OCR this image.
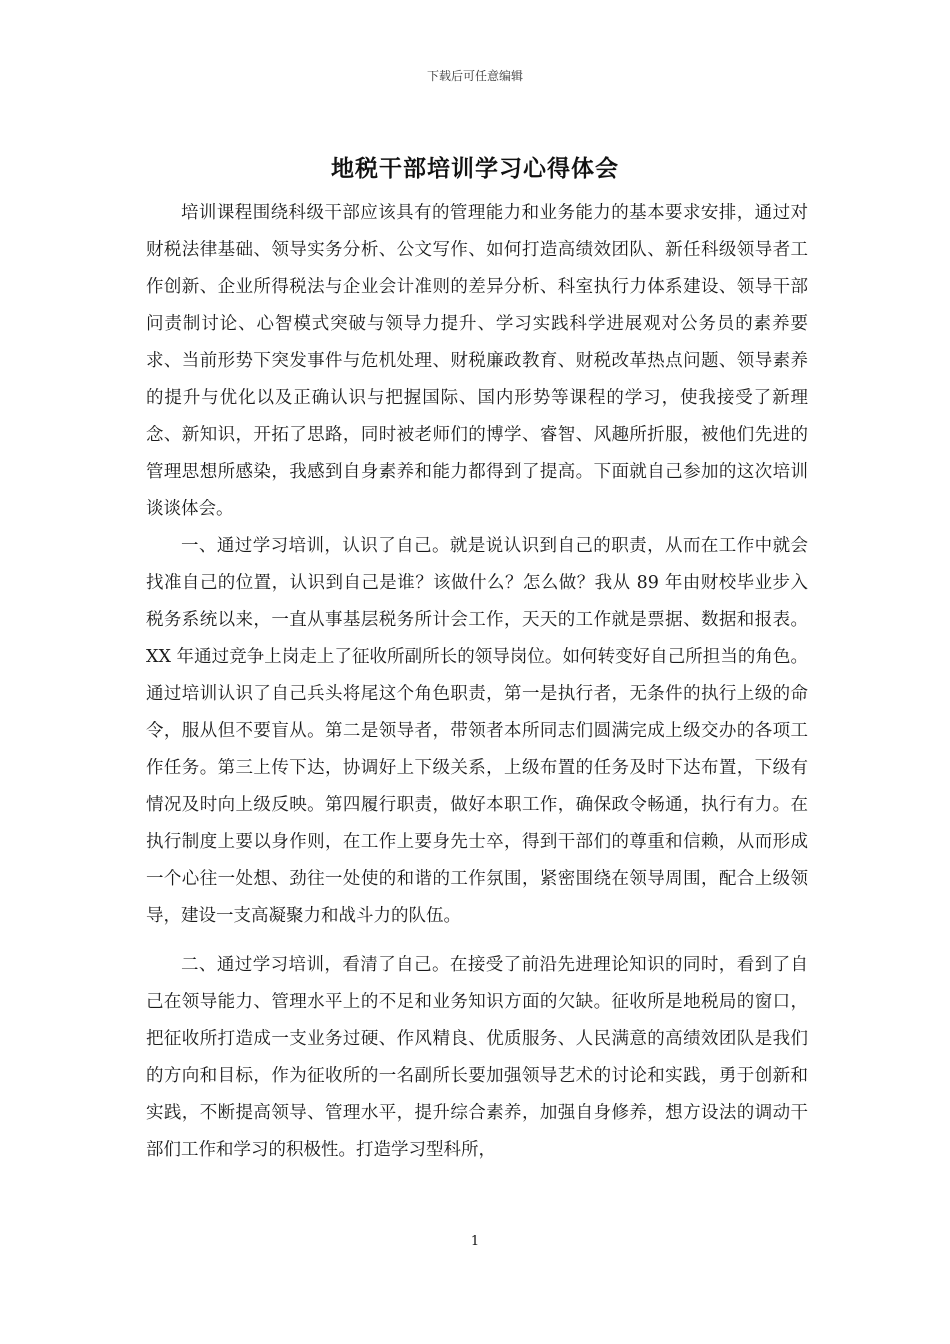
下载后可任意编辑
地税干部培训学习心得体会

培训课程围绕科级干部应该具有的管理能力和业务能力的基本要求安排，通过对财税法律基础、领导实务分析、公文写作、如何打造高绩效团队、新任科级领导者工作创新、企业所得税法与企业会计准则的差异分析、科室执行力体系建设、领导干部问责制讨论、心智模式突破与领导力提升、学习实践科学进展观对公务员的素养要求、当前形势下突发事件与危机处理、财税廉政教育、财税改革热点问题、领导素养的提升与优化以及正确认识与把握国际、国内形势等课程的学习，使我接受了新理念、新知识，开拓了思路，同时被老师们的博学、睿智、风趣所折服，被他们先进的管理思想所感染，我感到自身素养和能力都得到了提高。下面就自己参加的这次培训谈谈体会。

一、通过学习培训，认识了自己。就是说认识到自己的职责，从而在工作中就会找准自己的位置，认识到自己是谁？该做什么？怎么做？我从 89 年由财校毕业步入税务系统以来，一直从事基层税务所计会工作，天天的工作就是票据、数据和报表。XX 年通过竞争上岗走上了征收所副所长的领导岗位。如何转变好自己所担当的角色。通过培训认识了自己兵头将尾这个角色职责，第一是执行者，无条件的执行上级的命令，服从但不要盲从。第二是领导者，带领者本所同志们圆满完成上级交办的各项工作任务。第三上传下达，协调好上下级关系，上级布置的任务及时下达布置，下级有情况及时向上级反映。第四履行职责，做好本职工作，确保政令畅通，执行有力。在执行制度上要以身作则，在工作上要身先士卒，得到干部们的尊重和信赖，从而形成一个心往一处想、劲往一处使的和谐的工作氛围，紧密围绕在领导周围，配合上级领导，建设一支高凝聚力和战斗力的队伍。

二、通过学习培训，看清了自己。在接受了前沿先进理论知识的同时，看到了自己在领导能力、管理水平上的不足和业务知识方面的欠缺。征收所是地税局的窗口，把征收所打造成一支业务过硬、作风精良、优质服务、人民满意的高绩效团队是我们的方向和目标，作为征收所的一名副所长要加强领导艺术的讨论和实践，勇于创新和实践，不断提高领导、管理水平，提升综合素养，加强自身修养，想方设法的调动干部们工作和学习的积极性。打造学习型科所，

1
